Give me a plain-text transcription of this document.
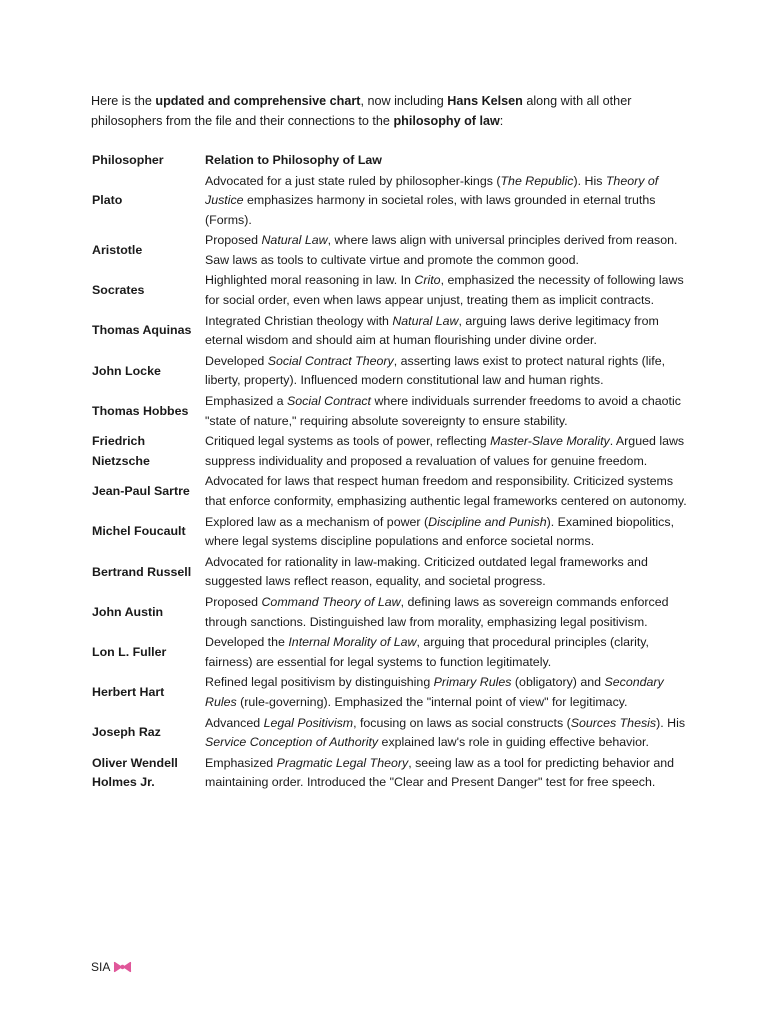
Here is the updated and comprehensive chart, now including Hans Kelsen along with all other philosophers from the file and their connections to the philosophy of law:
Philosopher	Relation to Philosophy of Law
Plato	Advocated for a just state ruled by philosopher-kings (The Republic). His Theory of Justice emphasizes harmony in societal roles, with laws grounded in eternal truths (Forms).
Aristotle	Proposed Natural Law, where laws align with universal principles derived from reason. Saw laws as tools to cultivate virtue and promote the common good.
Socrates	Highlighted moral reasoning in law. In Crito, emphasized the necessity of following laws for social order, even when laws appear unjust, treating them as implicit contracts.
Thomas Aquinas	Integrated Christian theology with Natural Law, arguing laws derive legitimacy from eternal wisdom and should aim at human flourishing under divine order.
John Locke	Developed Social Contract Theory, asserting laws exist to protect natural rights (life, liberty, property). Influenced modern constitutional law and human rights.
Thomas Hobbes	Emphasized a Social Contract where individuals surrender freedoms to avoid a chaotic "state of nature," requiring absolute sovereignty to ensure stability.
Friedrich Nietzsche	Critiqued legal systems as tools of power, reflecting Master-Slave Morality. Argued laws suppress individuality and proposed a revaluation of values for genuine freedom.
Jean-Paul Sartre	Advocated for laws that respect human freedom and responsibility. Criticized systems that enforce conformity, emphasizing authentic legal frameworks centered on autonomy.
Michel Foucault	Explored law as a mechanism of power (Discipline and Punish). Examined biopolitics, where legal systems discipline populations and enforce societal norms.
Bertrand Russell	Advocated for rationality in law-making. Criticized outdated legal frameworks and suggested laws reflect reason, equality, and societal progress.
John Austin	Proposed Command Theory of Law, defining laws as sovereign commands enforced through sanctions. Distinguished law from morality, emphasizing legal positivism.
Lon L. Fuller	Developed the Internal Morality of Law, arguing that procedural principles (clarity, fairness) are essential for legal systems to function legitimately.
Herbert Hart	Refined legal positivism by distinguishing Primary Rules (obligatory) and Secondary Rules (rule-governing). Emphasized the "internal point of view" for legitimacy.
Joseph Raz	Advanced Legal Positivism, focusing on laws as social constructs (Sources Thesis). His Service Conception of Authority explained law's role in guiding effective behavior.
Oliver Wendell Holmes Jr.	Emphasized Pragmatic Legal Theory, seeing law as a tool for predicting behavior and maintaining order. Introduced the "Clear and Present Danger" test for free speech.
SIA
